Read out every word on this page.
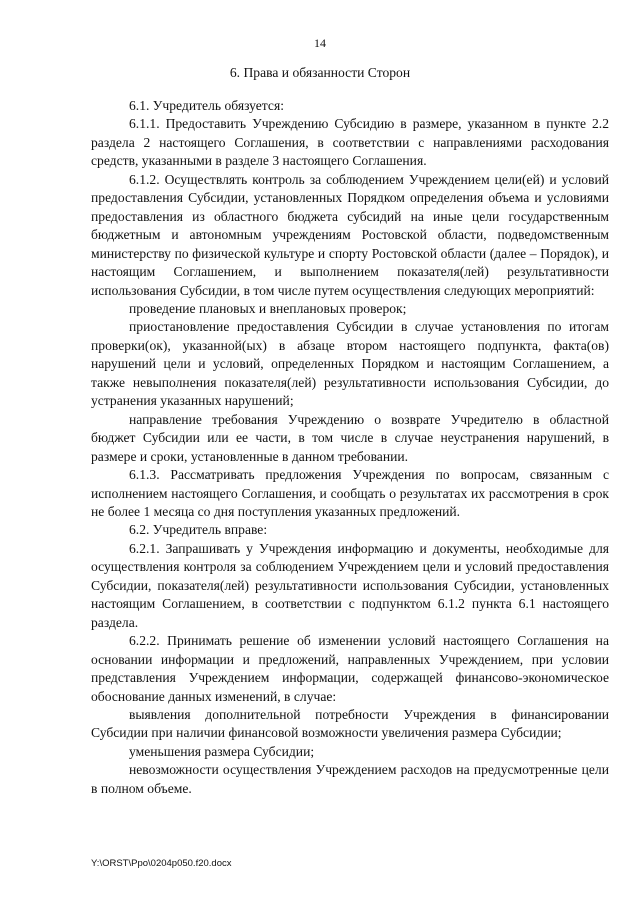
14
6. Права и обязанности Сторон

6.1. Учредитель обязуется:

6.1.1. Предоставить Учреждению Субсидию в размере, указанном в пункте 2.2 раздела 2 настоящего Соглашения, в соответствии с направлениями расходования средств, указанными в разделе 3 настоящего Соглашения.

6.1.2. Осуществлять контроль за соблюдением Учреждением цели(ей) и условий предоставления Субсидии, установленных Порядком определения объема и условиями предоставления из областного бюджета субсидий на иные цели государственным бюджетным и автономным учреждениям Ростовской области, подведомственным министерству по физической культуре и спорту Ростовской области (далее – Порядок), и настоящим Соглашением, и выполнением показателя(лей) результативности использования Субсидии, в том числе путем осуществления следующих мероприятий:

проведение плановых и внеплановых проверок;

приостановление предоставления Субсидии в случае установления по итогам проверки(ок), указанной(ых) в абзаце втором настоящего подпункта, факта(ов) нарушений цели и условий, определенных Порядком и настоящим Соглашением, а также невыполнения показателя(лей) результативности использования Субсидии, до устранения указанных нарушений;

направление требования Учреждению о возврате Учредителю в областной бюджет Субсидии или ее части, в том числе в случае неустранения нарушений, в размере и сроки, установленные в данном требовании.

6.1.3. Рассматривать предложения Учреждения по вопросам, связанным с исполнением настоящего Соглашения, и сообщать о результатах их рассмотрения в срок не более 1 месяца со дня поступления указанных предложений.

6.2. Учредитель вправе:

6.2.1. Запрашивать у Учреждения информацию и документы, необходимые для осуществления контроля за соблюдением Учреждением цели и условий предоставления Субсидии, показателя(лей) результативности использования Субсидии, установленных настоящим Соглашением, в соответствии с подпунктом 6.1.2 пункта 6.1 настоящего раздела.

6.2.2. Принимать решение об изменении условий настоящего Соглашения на основании информации и предложений, направленных Учреждением, при условии представления Учреждением информации, содержащей финансово-экономическое обоснование данных изменений, в случае:

выявления дополнительной потребности Учреждения в финансировании Субсидии при наличии финансовой возможности увеличения размера Субсидии;

уменьшения размера Субсидии;

невозможности осуществления Учреждением расходов на предусмотренные цели в полном объеме.

Y:\ORST\Ppo\0204p050.f20.docx
